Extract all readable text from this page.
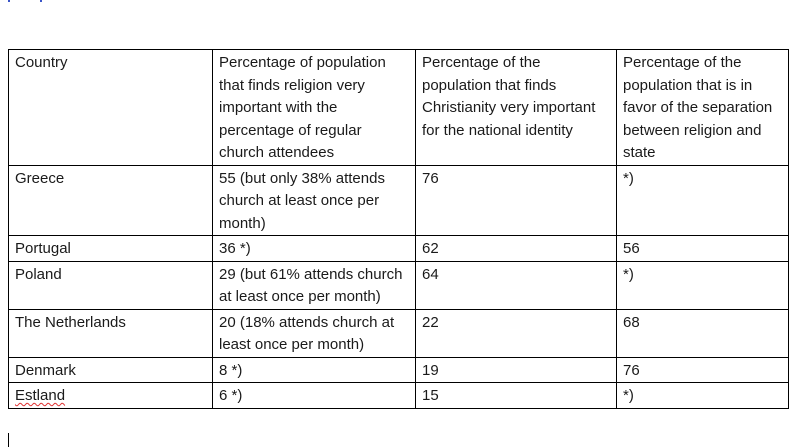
Country	Percentage of population that finds religion very important with the percentage of regular church attendees	Percentage of the population that finds Christianity very important for the national identity	Percentage of the population that is in favor of the separation between religion and state
Greece	55 (but only 38% attends church at least once per month)	76	*)
Portugal	36 *)	62	56
Poland	29 (but 61% attends church at least once per month)	64	*)
The Netherlands	20 (18% attends church at least once per month)	22	68
Denmark	8 *)	19	76
Estland	6 *)	15	*)
